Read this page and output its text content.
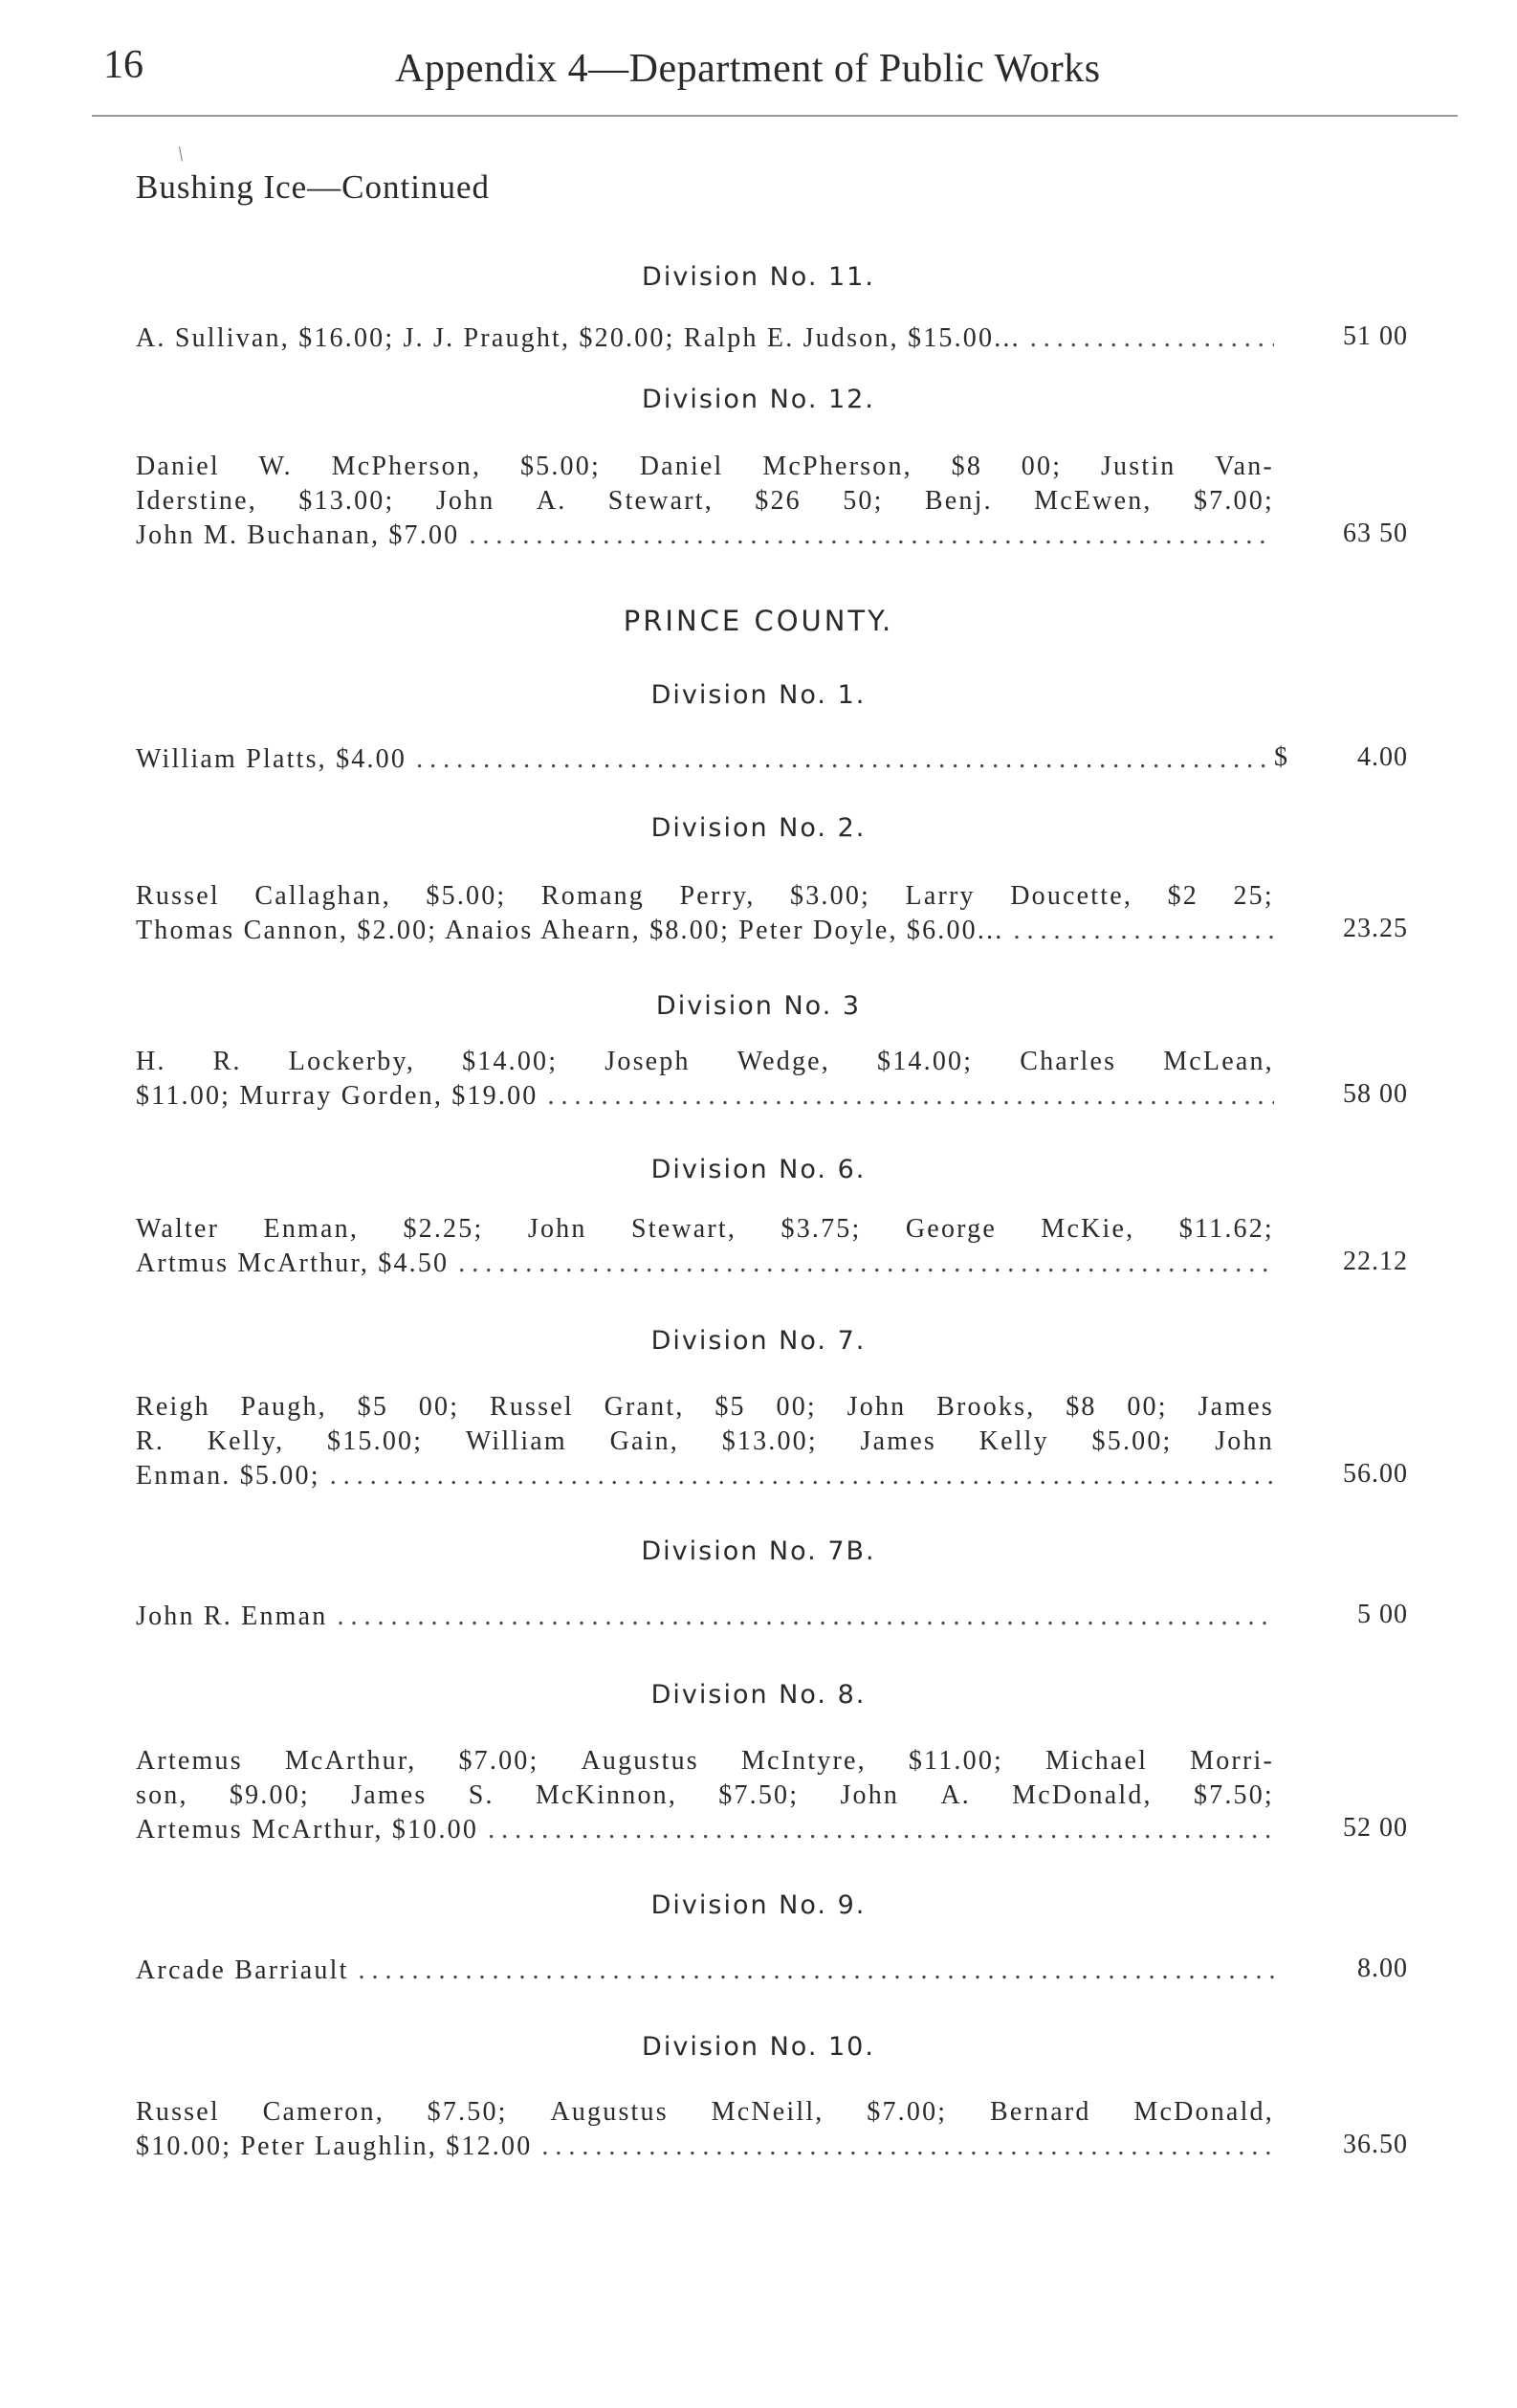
16	Appendix 4—Department of Public Works
/
Bushing Ice—Continued
Division No. 11.
A. Sullivan, $16.00; J. J. Praught, $20.00; Ralph E. Judson, $15.00... . . .	51 00
Division No. 12.
Daniel W. McPherson, $5.00; Daniel McPherson, $8 00; Justin Van-
Iderstine, $13.00; John A. Stewart, $26 50; Benj. McEwen, $7.00;
John M. Buchanan, $7.00 . . .	63 50
PRINCE COUNTY.
Division No. 1.
William Platts, $4.00 . . .	$	4.00
Division No. 2.
Russel Callaghan, $5.00; Romang Perry, $3.00; Larry Doucette, $2 25;
Thomas Cannon, $2.00; Anaios Ahearn, $8.00; Peter Doyle, $6.00... . . .	23.25
Division No. 3
H. R. Lockerby, $14.00; Joseph Wedge, $14.00; Charles McLean,
$11.00; Murray Gorden, $19.00 . . .	58 00
Division No. 6.
Walter Enman, $2.25; John Stewart, $3.75; George McKie, $11.62;
Artmus McArthur, $4.50 . . .	22.12
Division No. 7.
Reigh Paugh, $5 00; Russel Grant, $5 00; John Brooks, $8 00; James
R. Kelly, $15.00; William Gain, $13.00; James Kelly $5.00; John
Enman. $5.00; . . .	56.00
Division No. 7B.
John R. Enman . . .	5 00
Division No. 8.
Artemus McArthur, $7.00; Augustus McIntyre, $11.00; Michael Morri-
son, $9.00; James S. McKinnon, $7.50; John A. McDonald, $7.50;
Artemus McArthur, $10.00 . . .	52 00
Division No. 9.
Arcade Barriault . . .	8.00
Division No. 10.
Russel Cameron, $7.50; Augustus McNeill, $7.00; Bernard McDonald,
$10.00; Peter Laughlin, $12.00 . . .	36.50
